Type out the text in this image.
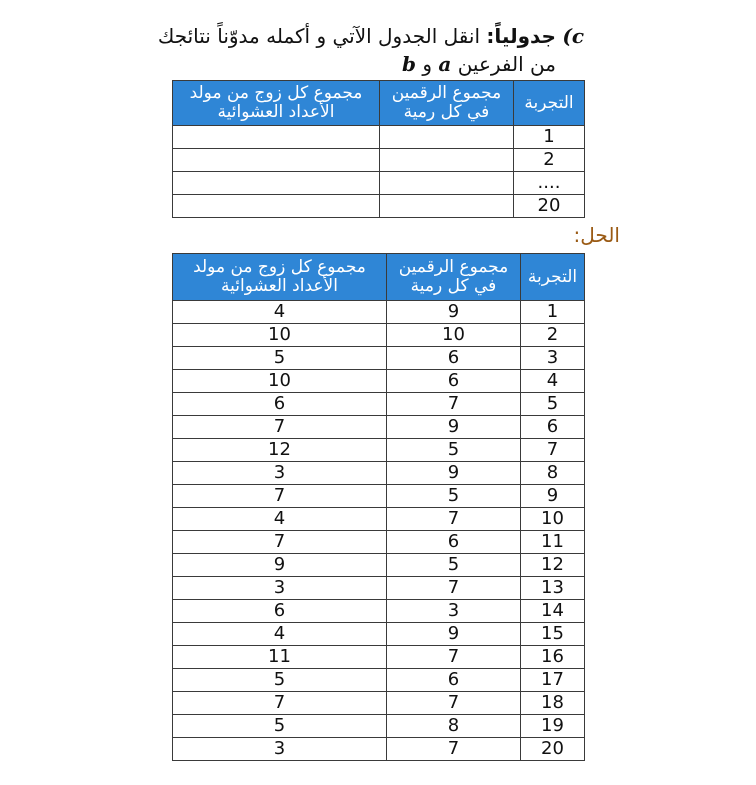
c) جدولياً: انقل الجدول الآتي و أكمله مدوّناً نتائجك
من الفرعين a و b
التجربة	مجموع الرقمين في كل رمية	مجموع كل زوج من مولد الأعداد العشوائية
1		
2		
....		
20		
الحل:
التجربة	مجموع الرقمين في كل رمية	مجموع كل زوج من مولد الأعداد العشوائية
1	9	4
2	10	10
3	6	5
4	6	10
5	7	6
6	9	7
7	5	12
8	9	3
9	5	7
10	7	4
11	6	7
12	5	9
13	7	3
14	3	6
15	9	4
16	7	11
17	6	5
18	7	7
19	8	5
20	7	3
